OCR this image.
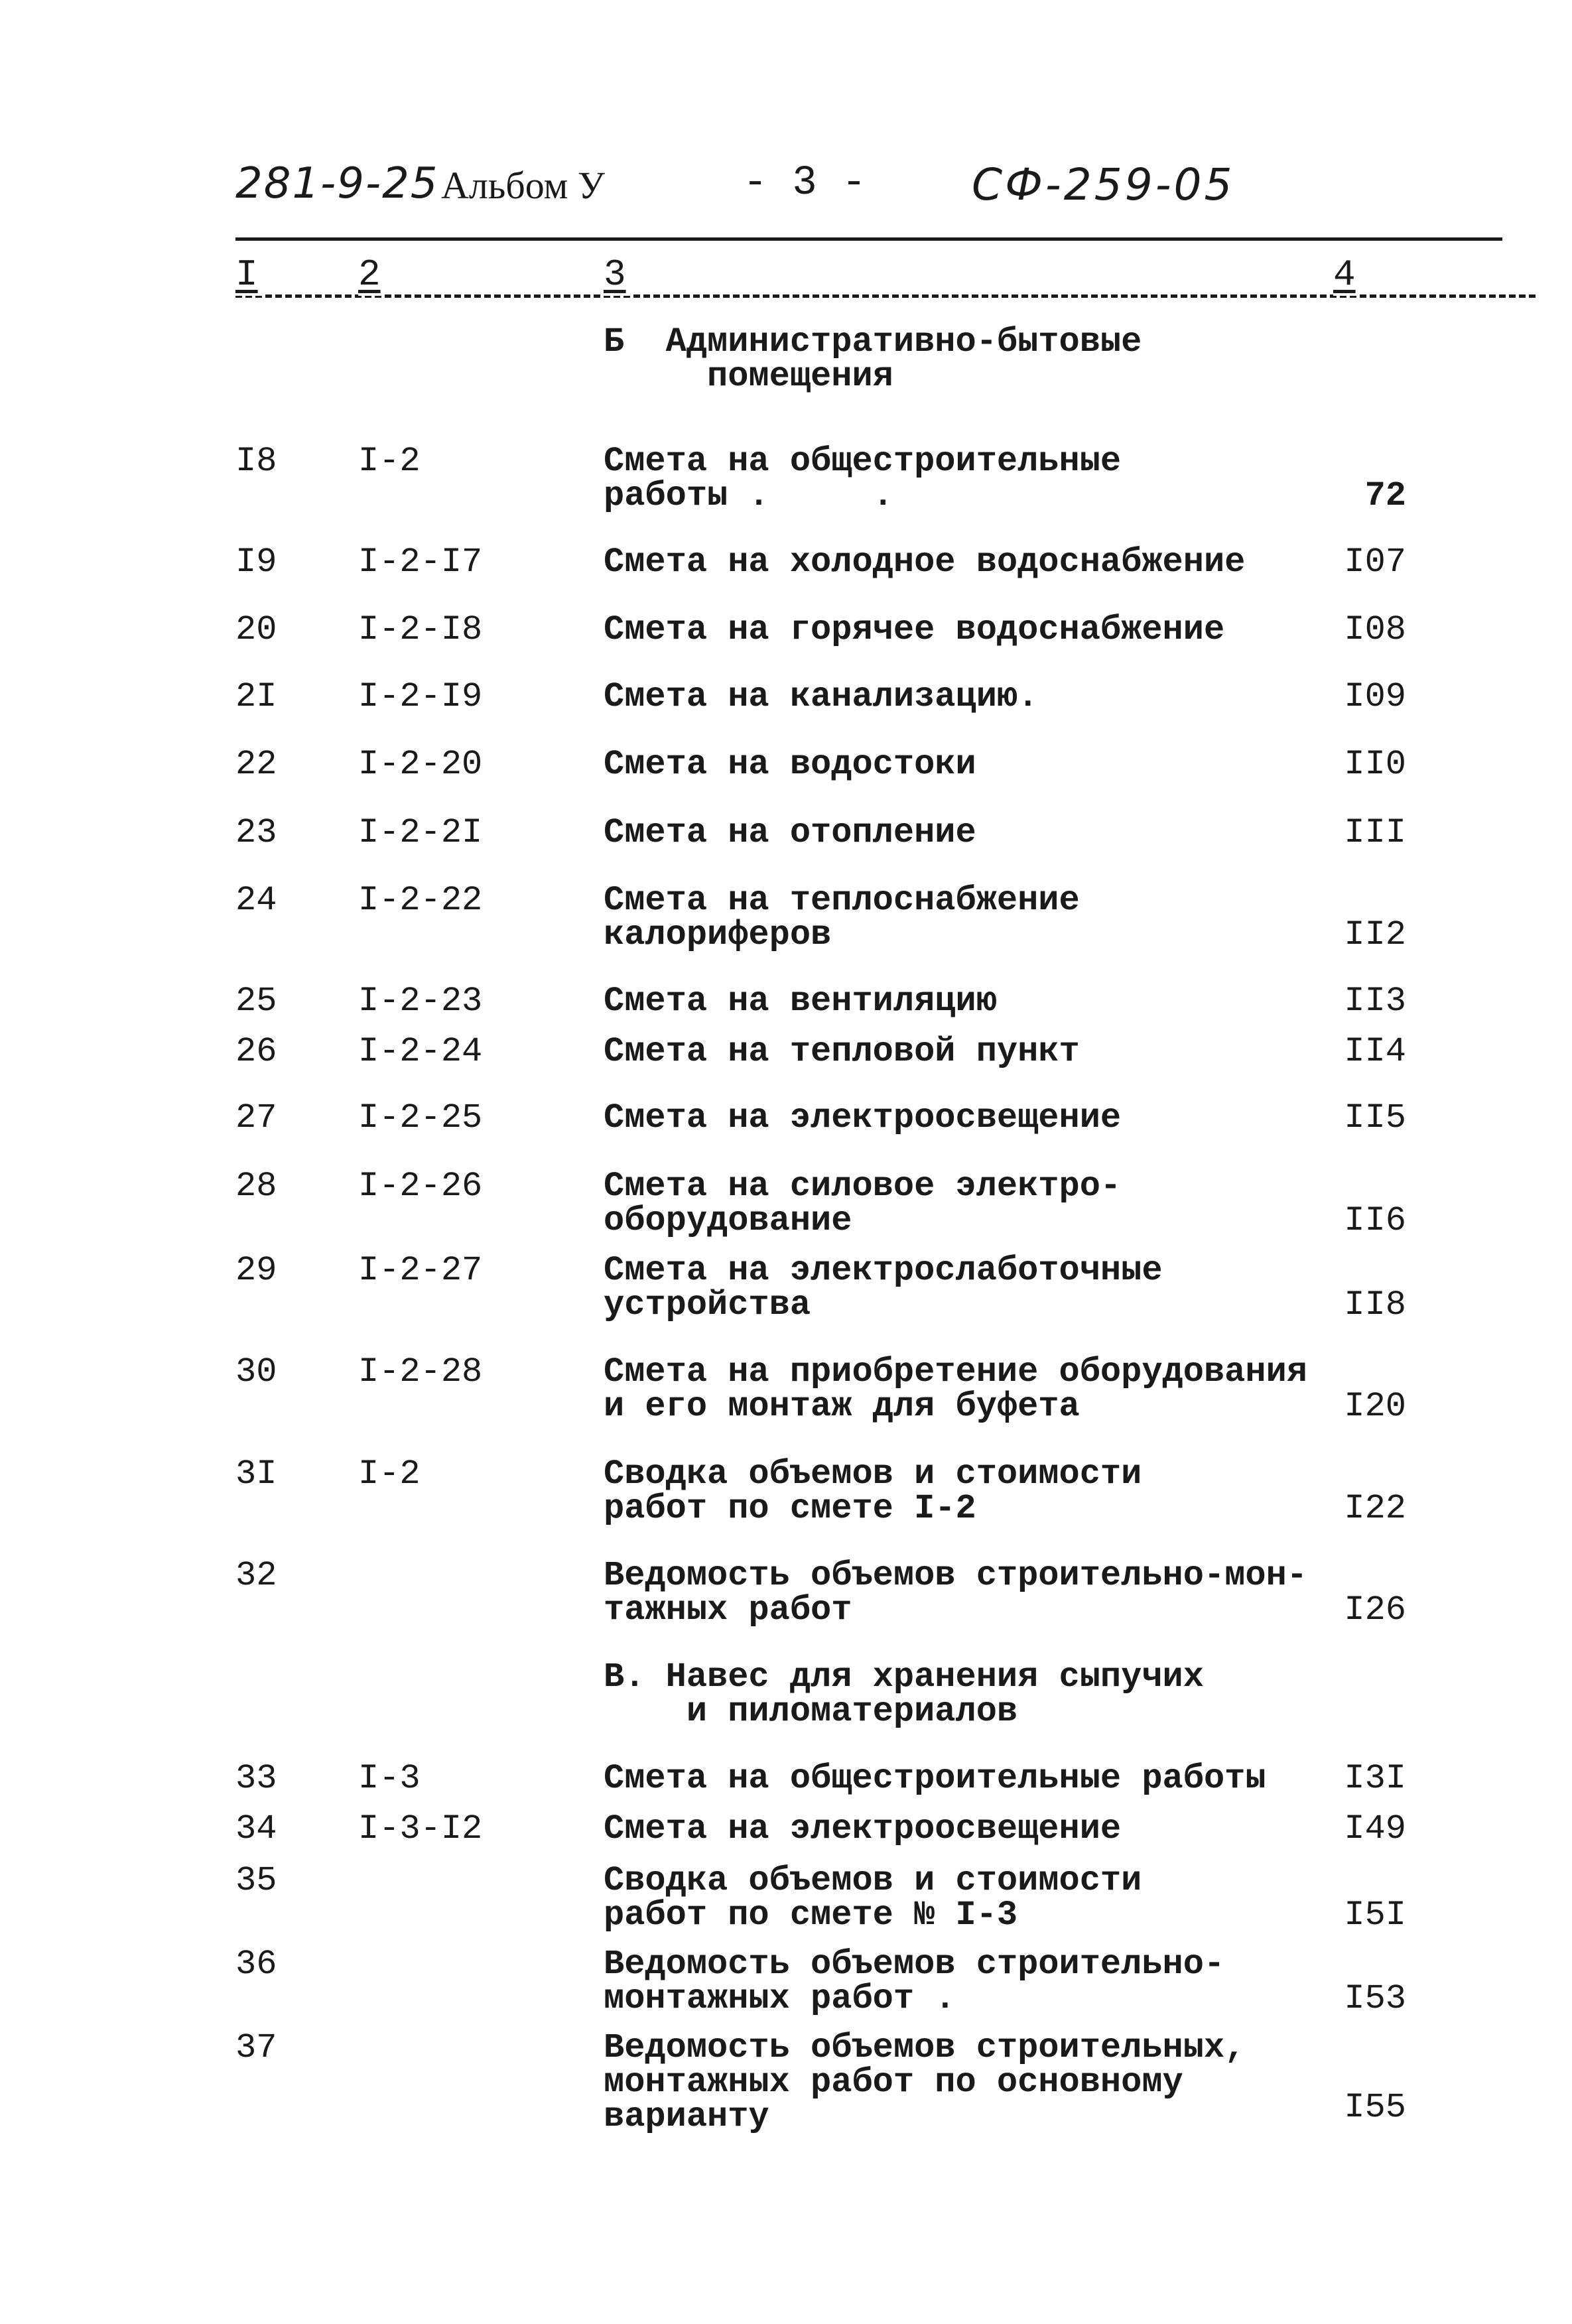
281-9-25 Альбом У	- 3 - СФ-259-05
I	2	3	4
Б  Административно-бытовые
помещения
I8 I-2	Смета на общестроительные
работы .     .	72
I9 I-2-I7	Смета на холодное водоснабжение	I07
20 I-2-I8	Смета на горячее водоснабжение	I08
2I I-2-I9	Смета на канализацию.	I09
22 I-2-20	Смета на водостоки	II0
23 I-2-2I	Смета на отопление	III
24 I-2-22	Смета на теплоснабжение
калориферов	II2
25 I-2-23	Смета на вентиляцию	II3
26 I-2-24	Смета на тепловой пункт	II4
27 I-2-25	Смета на электроосвещение	II5
28 I-2-26	Смета на силовое электро-
оборудование	II6
29 I-2-27	Смета на электрослаботочные
устройства	II8
30 I-2-28	Смета на приобретение оборудования
и его монтаж для буфета	I20
3I I-2	Сводка объемов и стоимости
работ по смете I-2	I22
32	Ведомость объемов строительно-мон-
тажных работ	I26
В. Навес для хранения сыпучих
и пиломатериалов
33 I-3	Смета на общестроительные работы	I3I
34 I-3-I2	Смета на электроосвещение	I49
35	Сводка объемов и стоимости
работ по смете № I-3	I5I
36	Ведомость объемов строительно-
монтажных работ .	I53
37	Ведомость объемов строительных,
монтажных работ по основному
варианту	I55
